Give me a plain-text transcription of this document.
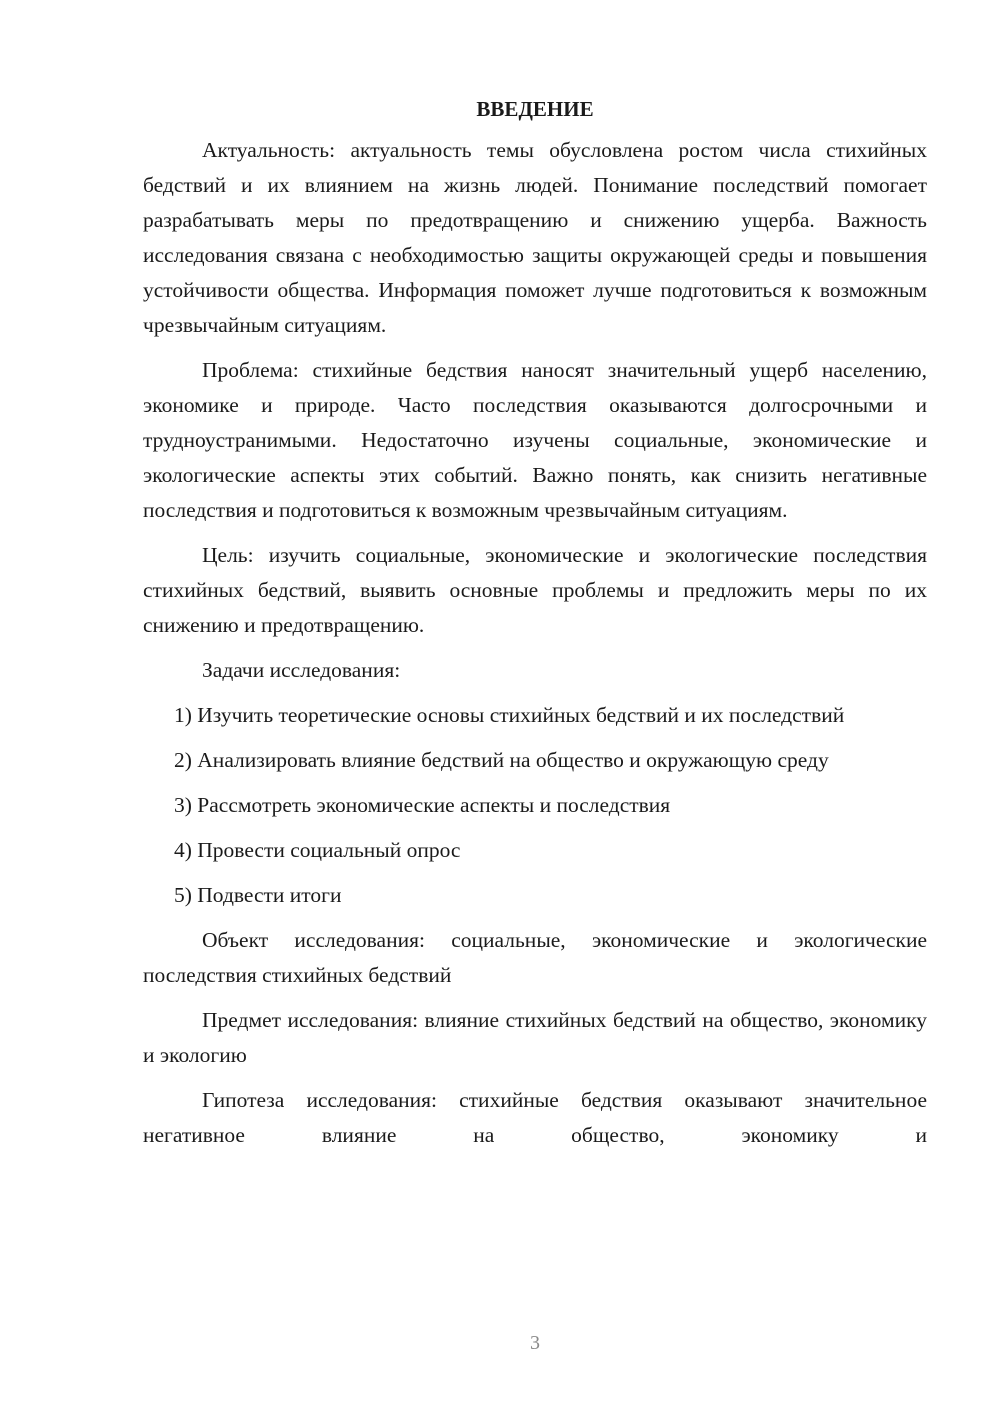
ВВЕДЕНИЕ

Актуальность: актуальность темы обусловлена ростом числа стихийных бедствий и их влиянием на жизнь людей. Понимание последствий помогает разрабатывать меры по предотвращению и снижению ущерба. Важность исследования связана с необходимостью защиты окружающей среды и повышения устойчивости общества. Информация поможет лучше подготовиться к возможным чрезвычайным ситуациям.

Проблема: стихийные бедствия наносят значительный ущерб населению, экономике и природе. Часто последствия оказываются долгосрочными и трудноустранимыми. Недостаточно изучены социальные, экономические и экологические аспекты этих событий. Важно понять, как снизить негативные последствия и подготовиться к возможным чрезвычайным ситуациям.

Цель: изучить социальные, экономические и экологические последствия стихийных бедствий, выявить основные проблемы и предложить меры по их снижению и предотвращению.

Задачи исследования:

1) Изучить теоретические основы стихийных бедствий и их последствий

2) Анализировать влияние бедствий на общество и окружающую среду

3) Рассмотреть экономические аспекты и последствия

4) Провести социальный опрос

5) Подвести итоги

Объект исследования: социальные, экономические и экологические последствия стихийных бедствий

Предмет исследования: влияние стихийных бедствий на общество, экономику и экологию

Гипотеза исследования: стихийные бедствия оказывают значительное негативное влияние на общество, экономику и

3
